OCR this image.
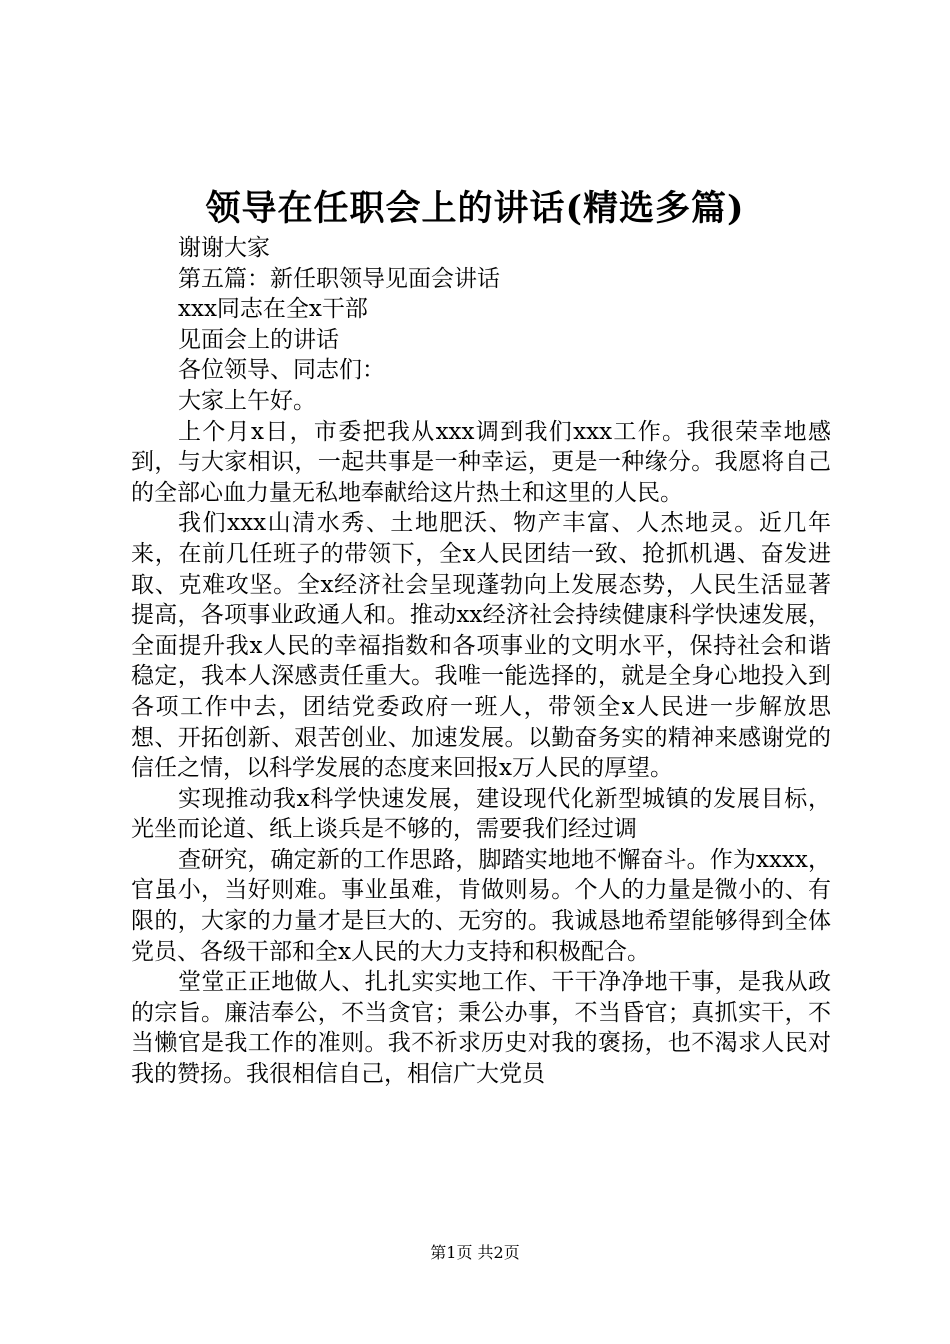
领导在任职会上的讲话(精选多篇)

谢谢大家

第五篇：新任职领导见面会讲话

xxx同志在全x干部

见面会上的讲话

各位领导、同志们：

大家上午好。

上个月x日，市委把我从xxx调到我们xxx工作。我很荣幸地感到，与大家相识，一起共事是一种幸运，更是一种缘分。我愿将自己的全部心血力量无私地奉献给这片热土和这里的人民。

我们xxx山清水秀、土地肥沃、物产丰富、人杰地灵。近几年来，在前几任班子的带领下，全x人民团结一致、抢抓机遇、奋发进取、克难攻坚。全x经济社会呈现蓬勃向上发展态势，人民生活显著提高，各项事业政通人和。推动xx经济社会持续健康科学快速发展，全面提升我x人民的幸福指数和各项事业的文明水平，保持社会和谐稳定，我本人深感责任重大。我唯一能选择的，就是全身心地投入到各项工作中去，团结党委政府一班人，带领全x人民进一步解放思想、开拓创新、艰苦创业、加速发展。以勤奋务实的精神来感谢党的信任之情，以科学发展的态度来回报x万人民的厚望。

实现推动我x科学快速发展，建设现代化新型城镇的发展目标，光坐而论道、纸上谈兵是不够的，需要我们经过调

查研究，确定新的工作思路，脚踏实地地不懈奋斗。作为xxxx，官虽小，当好则难。事业虽难，肯做则易。个人的力量是微小的、有限的，大家的力量才是巨大的、无穷的。我诚恳地希望能够得到全体党员、各级干部和全x人民的大力支持和积极配合。

堂堂正正地做人、扎扎实实地工作、干干净净地干事，是我从政的宗旨。廉洁奉公，不当贪官；秉公办事，不当昏官；真抓实干，不当懒官是我工作的准则。我不祈求历史对我的褒扬，也不渴求人民对我的赞扬。我很相信自己，相信广大党员

第1页 共2页
